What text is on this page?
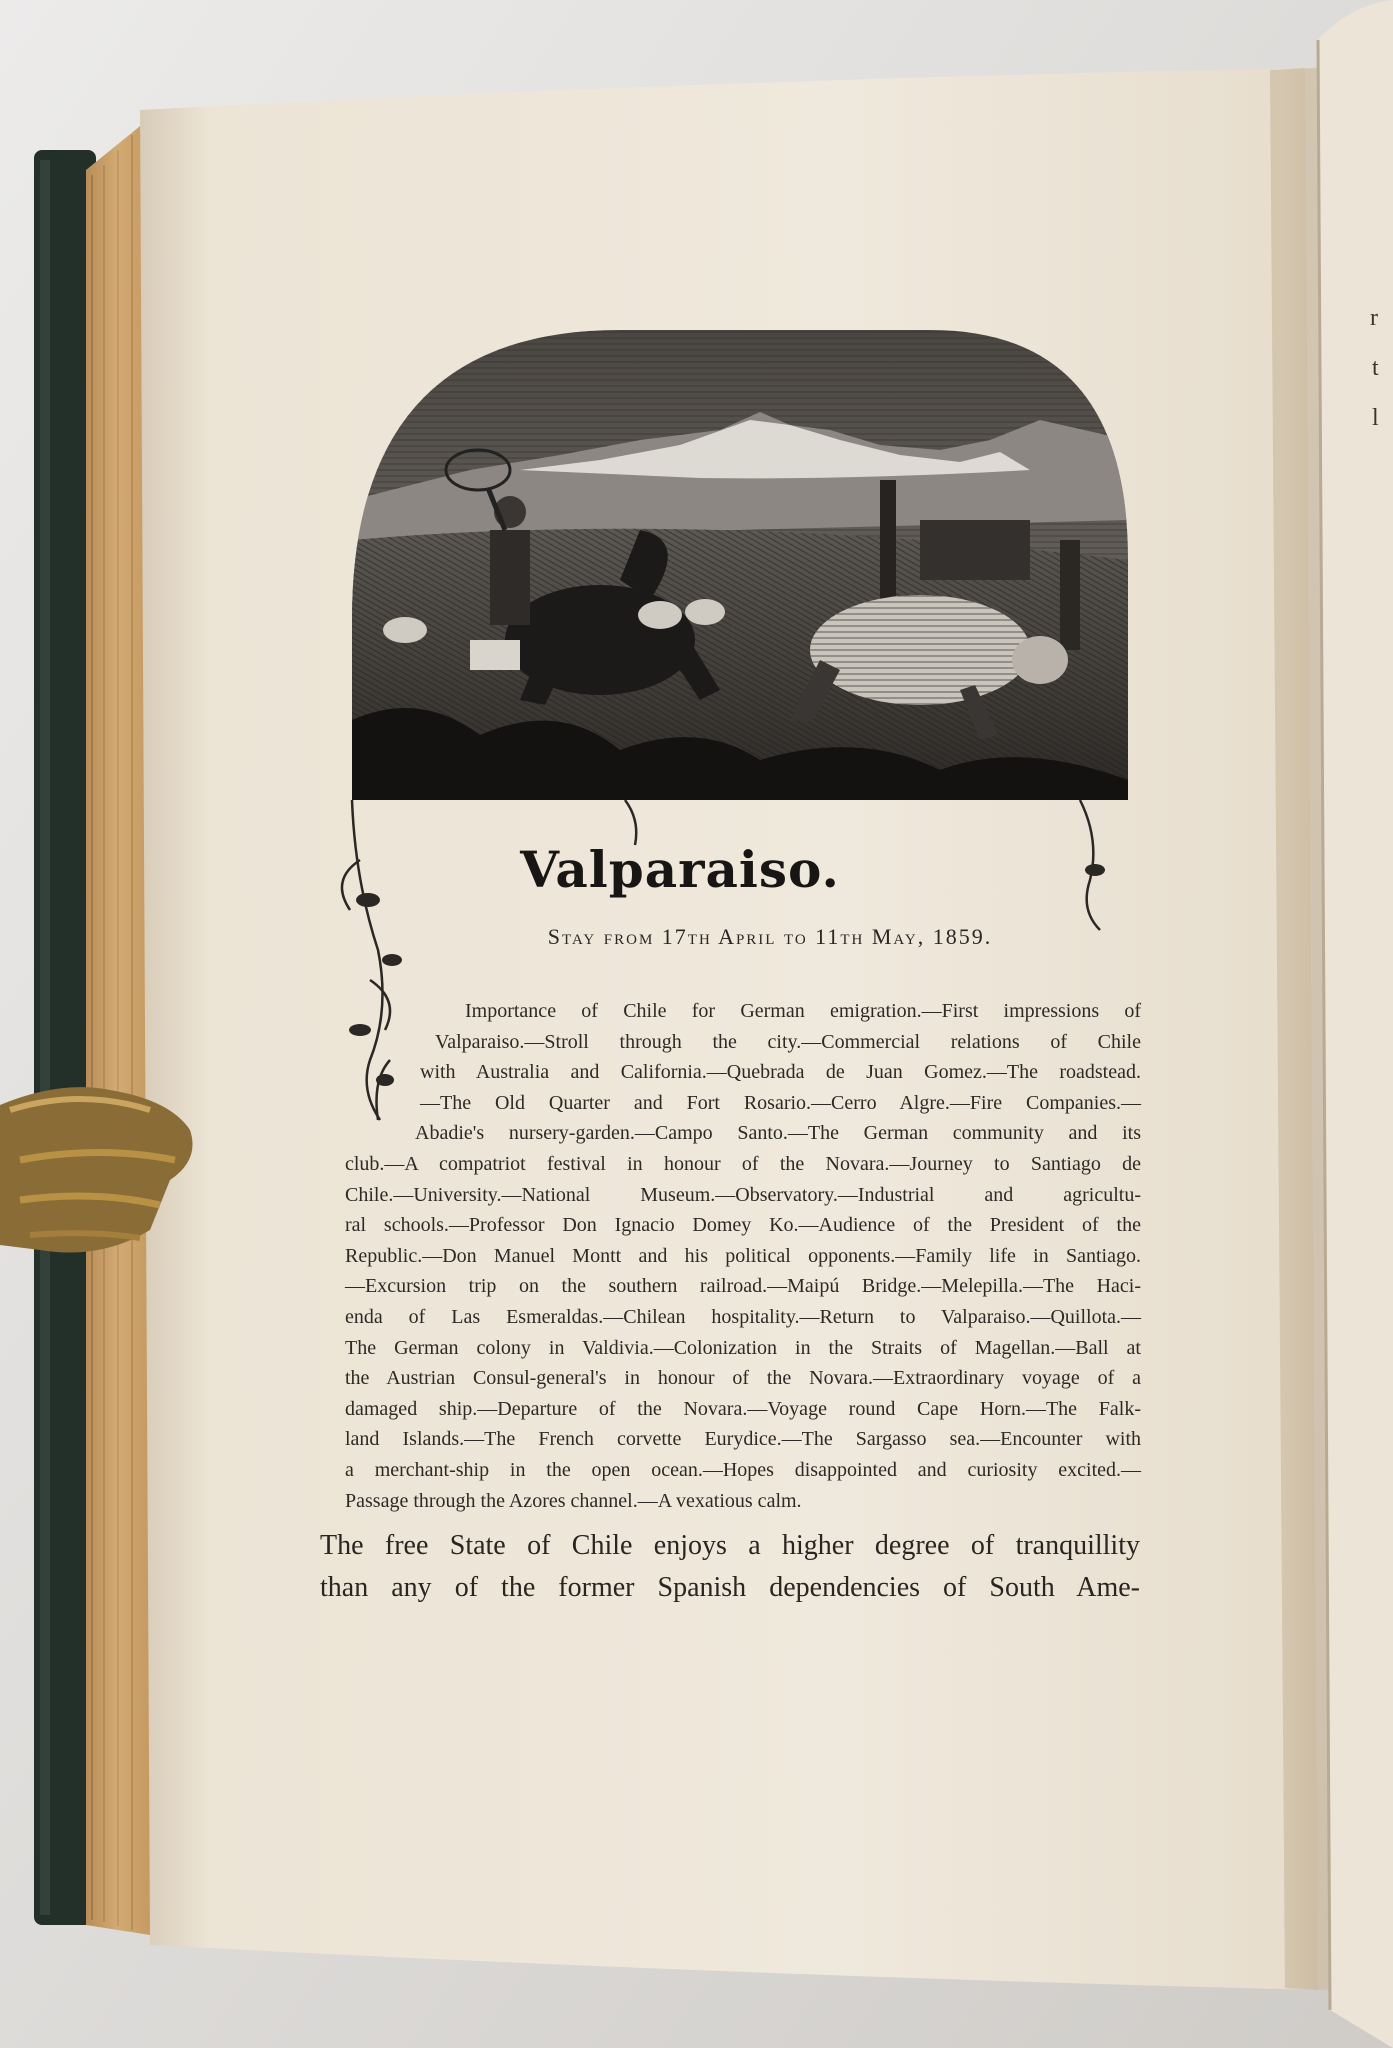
Valparaiso.
Stay from 17th April to 11th May, 1859.
Importance of Chile for German emigration.—First impressions of
Valparaiso.—Stroll through the city.—Commercial relations of Chile
with Australia and California.—Quebrada de Juan Gomez.—The roadstead.
—The Old Quarter and Fort Rosario.—Cerro Algre.—Fire Companies.—
Abadie's nursery-garden.—Campo Santo.—The German community and its
club.—A compatriot festival in honour of the Novara.—Journey to Santiago de
Chile.—University.—National Museum.—Observatory.—Industrial and agricultu-
ral schools.—Professor Don Ignacio Domey Ko.—Audience of the President of the
Republic.—Don Manuel Montt and his political opponents.—Family life in Santiago.
—Excursion trip on the southern railroad.—Maipú Bridge.—Melepilla.—The Haci-
enda of Las Esmeraldas.—Chilean hospitality.—Return to Valparaiso.—Quillota.—
The German colony in Valdivia.—Colonization in the Straits of Magellan.—Ball at
the Austrian Consul-general's in honour of the Novara.—Extraordinary voyage of a
damaged ship.—Departure of the Novara.—Voyage round Cape Horn.—The Falk-
land Islands.—The French corvette Eurydice.—The Sargasso sea.—Encounter with
a merchant-ship in the open ocean.—Hopes disappointed and curiosity excited.—
Passage through the Azores channel.—A vexatious calm.
The free State of Chile enjoys a higher degree of tranquillity
than any of the former Spanish dependencies of South Ame-
r
t
l
